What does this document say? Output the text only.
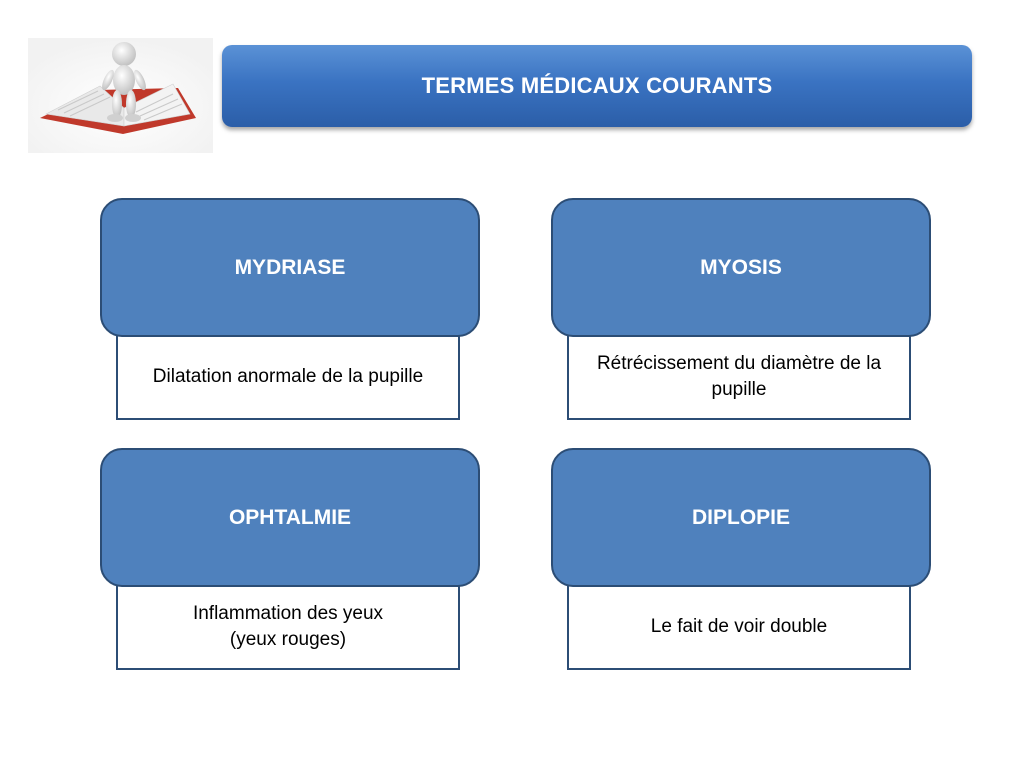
TERMES MÉDICAUX COURANTS
MYDRIASE
Dilatation anormale de la pupille
MYOSIS
Rétrécissement du diamètre de la pupille
OPHTALMIE
Inflammation des yeux
(yeux rouges)
DIPLOPIE
Le fait de voir double
